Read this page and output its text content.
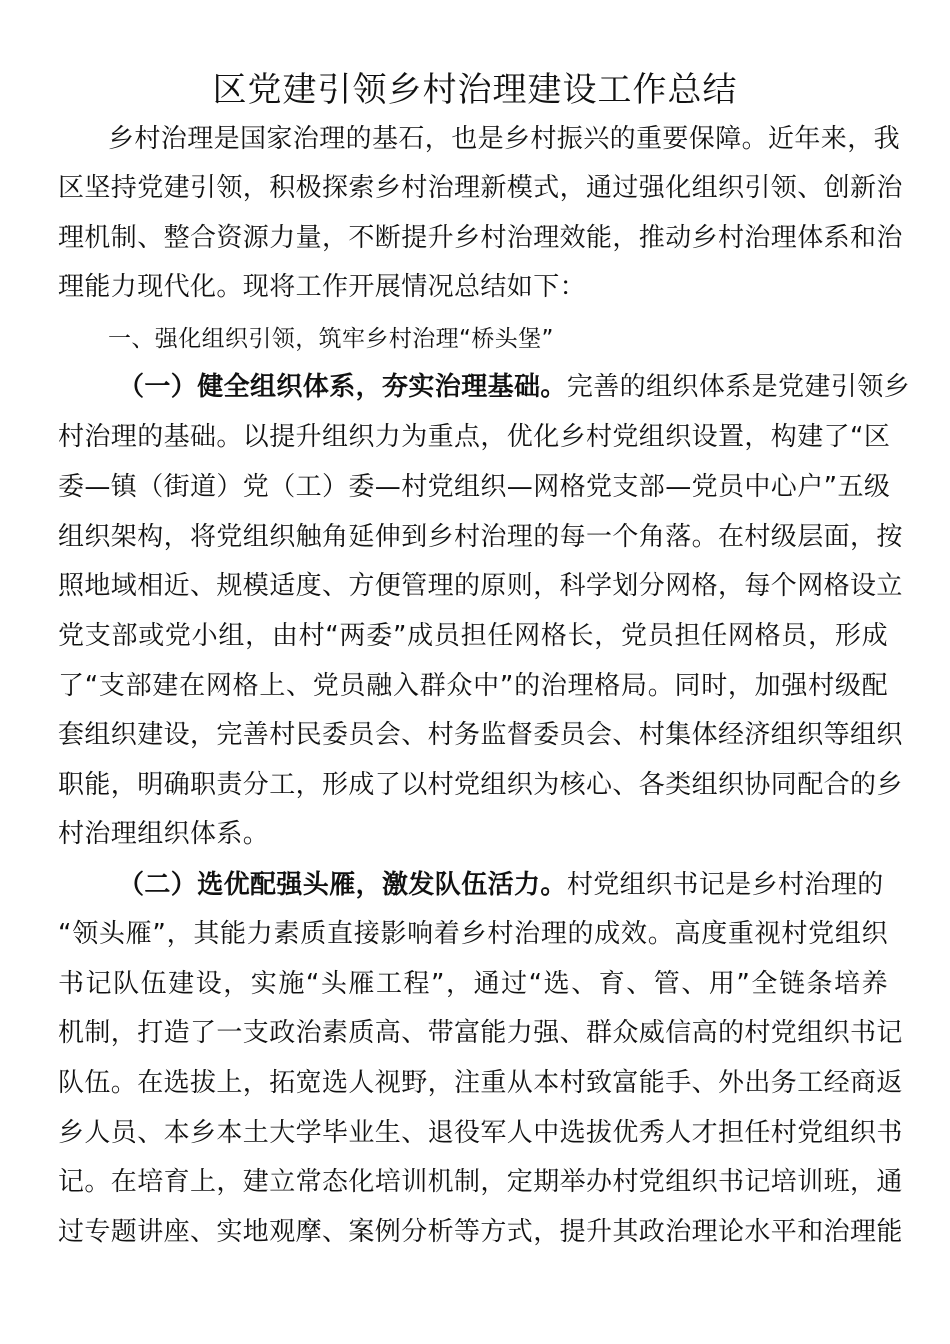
区党建引领乡村治理建设工作总结
乡村治理是国家治理的基石，也是乡村振兴的重要保障。近年来，我
区坚持党建引领，积极探索乡村治理新模式，通过强化组织引领、创新治
理机制、整合资源力量，不断提升乡村治理效能，推动乡村治理体系和治
理能力现代化。现将工作开展情况总结如下：
一、强化组织引领，筑牢乡村治理“桥头堡”
（一）健全组织体系，夯实治理基础。完善的组织体系是党建引领乡
村治理的基础。以提升组织力为重点，优化乡村党组织设置，构建了“区
委—镇（街道）党（工）委—村党组织—网格党支部—党员中心户”五级
组织架构，将党组织触角延伸到乡村治理的每一个角落。在村级层面，按
照地域相近、规模适度、方便管理的原则，科学划分网格，每个网格设立
党支部或党小组，由村“两委”成员担任网格长，党员担任网格员，形成
了“支部建在网格上、党员融入群众中”的治理格局。同时，加强村级配
套组织建设，完善村民委员会、村务监督委员会、村集体经济组织等组织
职能，明确职责分工，形成了以村党组织为核心、各类组织协同配合的乡
村治理组织体系。
（二）选优配强头雁，激发队伍活力。村党组织书记是乡村治理的
“领头雁”，其能力素质直接影响着乡村治理的成效。高度重视村党组织
书记队伍建设，实施“头雁工程”，通过“选、育、管、用”全链条培养
机制，打造了一支政治素质高、带富能力强、群众威信高的村党组织书记
队伍。在选拔上，拓宽选人视野，注重从本村致富能手、外出务工经商返
乡人员、本乡本土大学毕业生、退役军人中选拔优秀人才担任村党组织书
记。在培育上，建立常态化培训机制，定期举办村党组织书记培训班，通
过专题讲座、实地观摩、案例分析等方式，提升其政治理论水平和治理能
